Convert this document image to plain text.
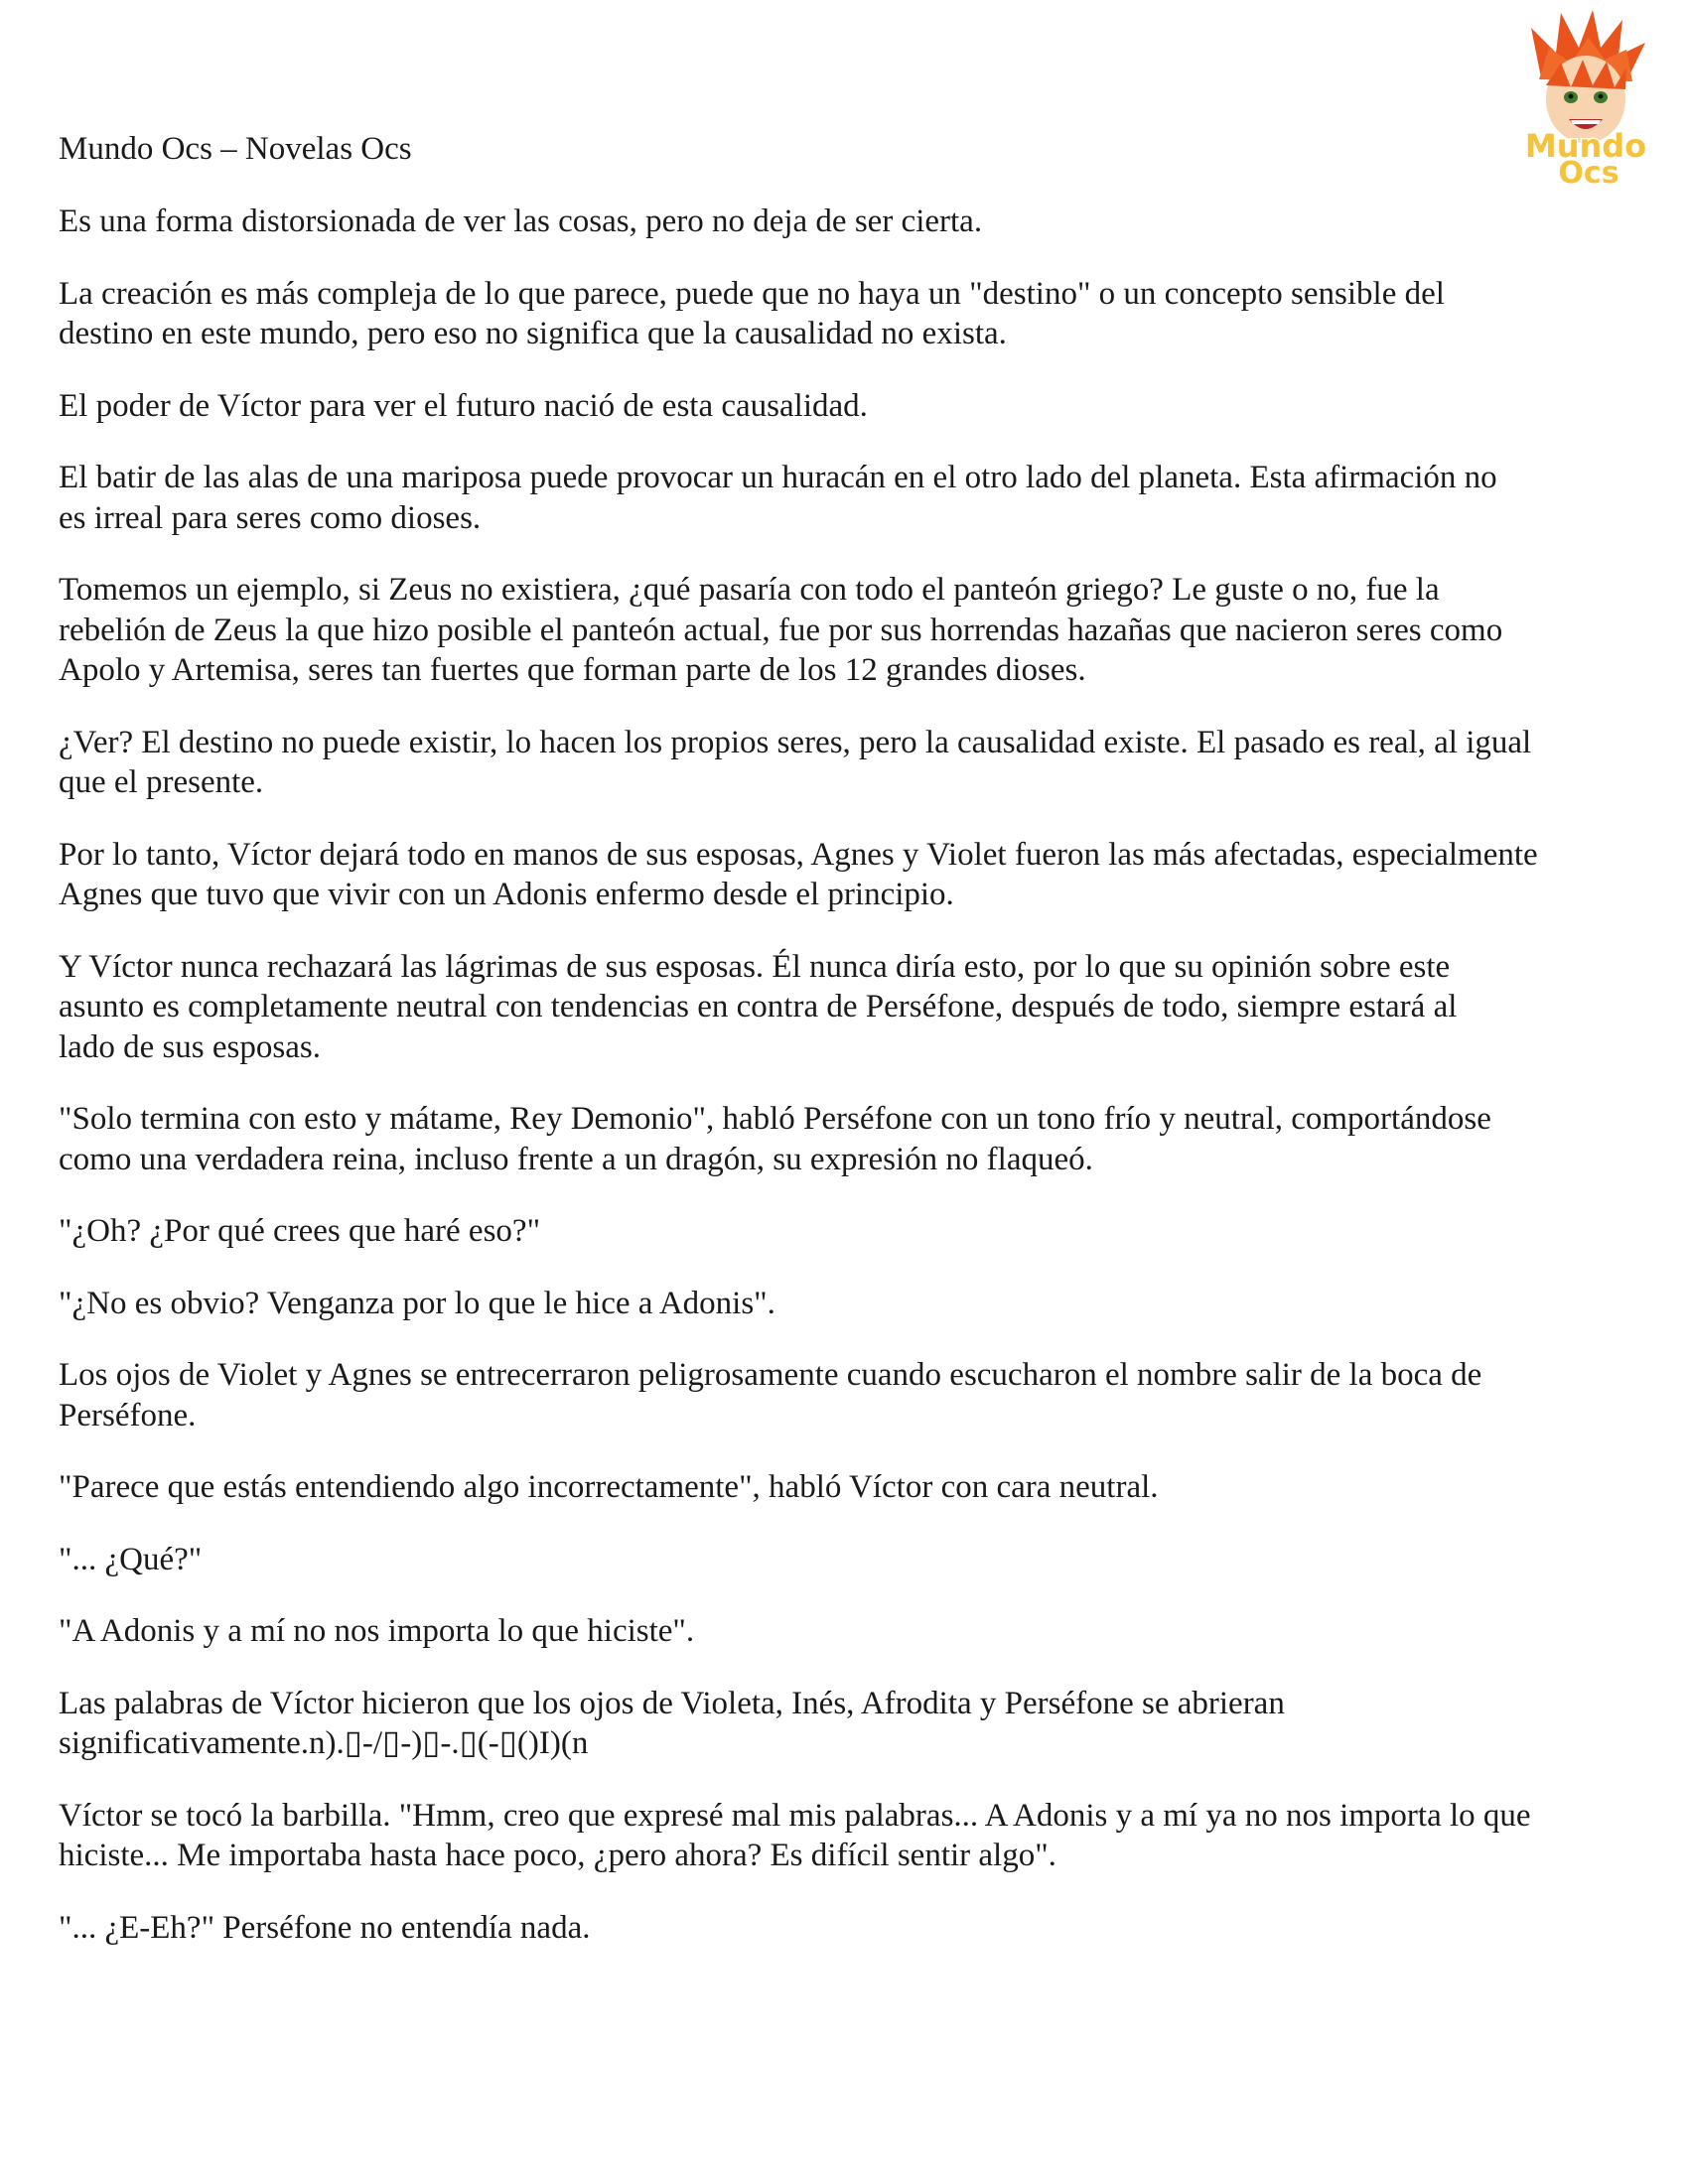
Mundo Ocs – Novelas Ocs	Mundo
Ocs

Es una forma distorsionada de ver las cosas, pero no deja de ser cierta.

La creación es más compleja de lo que parece, puede que no haya un "destino" o un concepto sensible del
destino en este mundo, pero eso no significa que la causalidad no exista.

El poder de Víctor para ver el futuro nació de esta causalidad.

El batir de las alas de una mariposa puede provocar un huracán en el otro lado del planeta. Esta afirmación no
es irreal para seres como dioses.

Tomemos un ejemplo, si Zeus no existiera, ¿qué pasaría con todo el panteón griego? Le guste o no, fue la
rebelión de Zeus la que hizo posible el panteón actual, fue por sus horrendas hazañas que nacieron seres como
Apolo y Artemisa, seres tan fuertes que forman parte de los 12 grandes dioses.

¿Ver? El destino no puede existir, lo hacen los propios seres, pero la causalidad existe. El pasado es real, al igual
que el presente.

Por lo tanto, Víctor dejará todo en manos de sus esposas, Agnes y Violet fueron las más afectadas, especialmente
Agnes que tuvo que vivir con un Adonis enfermo desde el principio.

Y Víctor nunca rechazará las lágrimas de sus esposas. Él nunca diría esto, por lo que su opinión sobre este
asunto es completamente neutral con tendencias en contra de Perséfone, después de todo, siempre estará al
lado de sus esposas.

"Solo termina con esto y mátame, Rey Demonio", habló Perséfone con un tono frío y neutral, comportándose
como una verdadera reina, incluso frente a un dragón, su expresión no flaqueó.

"¿Oh? ¿Por qué crees que haré eso?"

"¿No es obvio? Venganza por lo que le hice a Adonis".

Los ojos de Violet y Agnes se entrecerraron peligrosamente cuando escucharon el nombre salir de la boca de
Perséfone.

"Parece que estás entendiendo algo incorrectamente", habló Víctor con cara neutral.

"... ¿Qué?"

"A Adonis y a mí no nos importa lo que hiciste".

Las palabras de Víctor hicieron que los ojos de Violeta, Inés, Afrodita y Perséfone se abrieran
significativamente.n).▯-/▯-)▯-.▯(-▯()I)(n

Víctor se tocó la barbilla. "Hmm, creo que expresé mal mis palabras... A Adonis y a mí ya no nos importa lo que
hiciste... Me importaba hasta hace poco, ¿pero ahora? Es difícil sentir algo".

"... ¿E-Eh?" Perséfone no entendía nada.
